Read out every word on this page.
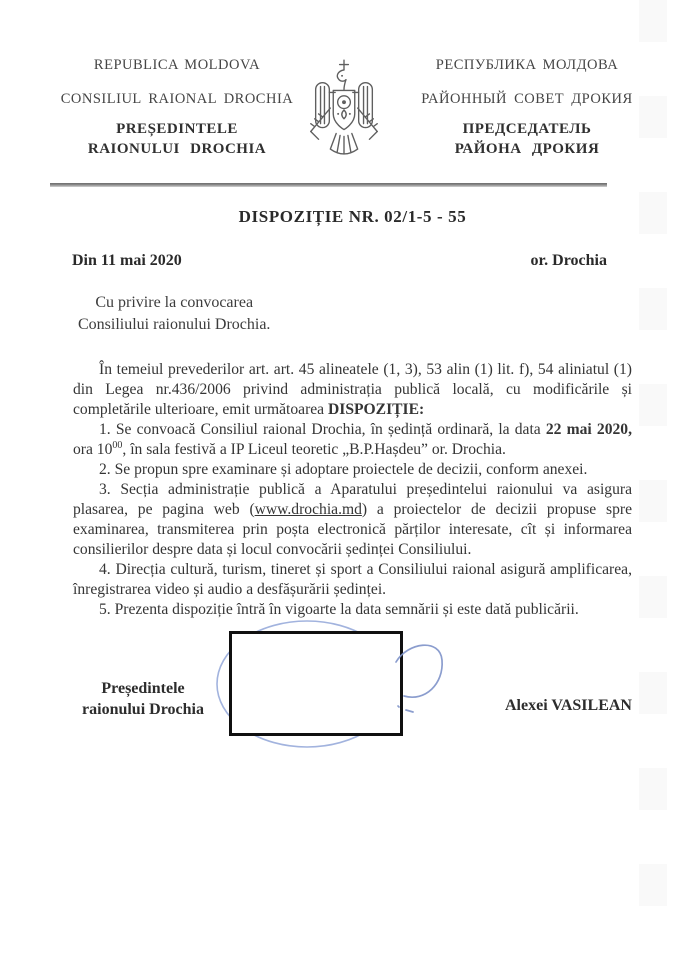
REPUBLICA MOLDOVA
CONSILIUL RAIONAL DROCHIA
PREȘEDINTELE
RAIONULUI DROCHIA
РЕСПУБЛИКА МОЛДОВА
РАЙОННЫЙ СОВЕТ ДРОКИЯ
ПРЕДСЕДАТЕЛЬ
РАЙОНА ДРОКИЯ
DISPOZIȚIE NR. 02/1-5 - 55
Din 11 mai 2020	or. Drochia
Cu privire la convocarea
Consiliului raionului Drochia.

În temeiul prevederilor art. art. 45 alineatele (1, 3), 53 alin (1) lit. f), 54 aliniatul (1) din Legea nr.436/2006 privind administrația publică locală, cu modificările și completările ulterioare, emit următoarea DISPOZIȚIE:

1. Se convoacă Consiliul raional Drochia, în ședință ordinară, la data 22 mai 2020, ora $10^{00}$, în sala festivă a IP Liceul teoretic „B.P.Hașdeu” or. Drochia.

2. Se propun spre examinare și adoptare proiectele de decizii, conform anexei.

3. Secția administrație publică a Aparatului președintelui raionului va asigura plasarea, pe pagina web (www.drochia.md) a proiectelor de decizii propuse spre examinarea, transmiterea prin poșta electronică părților interesate, cît și informarea consilierilor despre data și locul convocării ședinței Consiliului.

4. Direcția cultură, turism, tineret și sport a Consiliului raional asigură amplificarea, înregistrarea video și audio a desfășurării ședinței.

5. Prezenta dispoziție întră în vigoarte la data semnării și este dată publicării.

Președintele
raionului Drochia	Alexei VASILEAN
